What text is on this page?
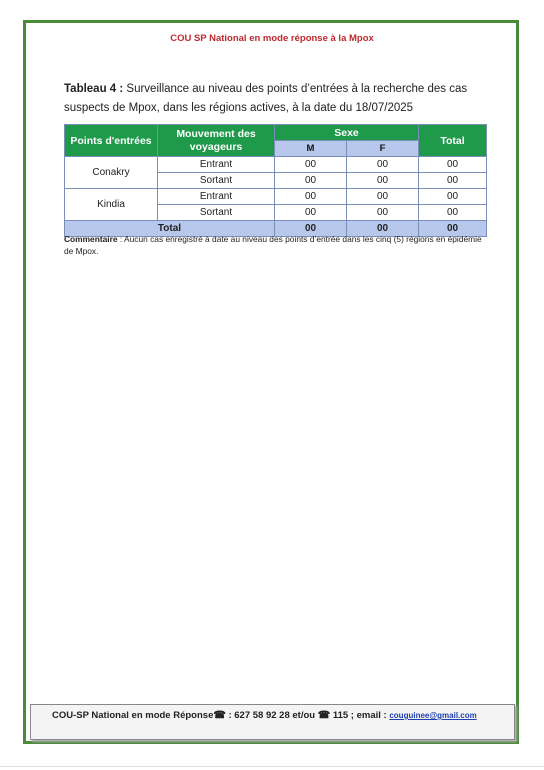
COU SP National en mode réponse à la Mpox
Tableau 4 : Surveillance au niveau des points d’entrées à la recherche des cas suspects de Mpox, dans les régions actives, à la date du 18/07/2025
Points d'entrées	Mouvement des voyageurs	Sexe		Total
		M	F	
Conakry	Entrant	00	00	00
	Sortant	00	00	00
Kindia	Entrant	00	00	00
	Sortant	00	00	00
Total		00	00	00
Commentaire : Aucun cas enregistré à date au niveau des points d’entrée dans les cinq (5) régions en épidémie de Mpox.
COU-SP National en mode Réponse☎ : 627 58 92 28 et/ou ☎ 115 ; email : couguinee@gmail.com
